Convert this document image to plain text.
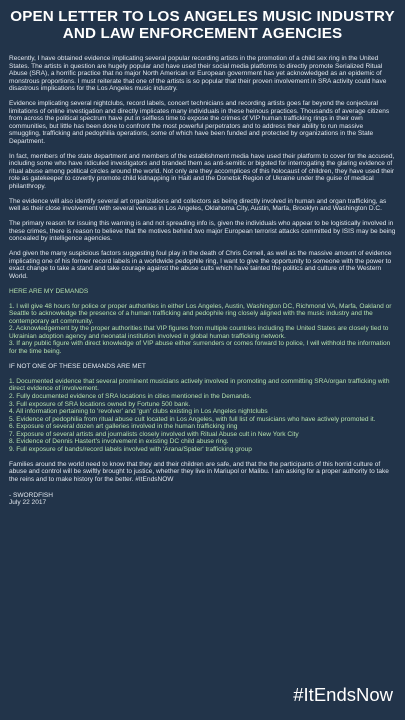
OPEN LETTER TO LOS ANGELES MUSIC INDUSTRY
AND LAW ENFORCEMENT AGENCIES

Recently, I have obtained evidence implicating several popular recording artists in the promotion of a child sex ring in the United States. The artists in question are hugely popular and have used their social media platforms to directly promote Serialized Ritual Abuse (SRA), a horrific practice that no major North American or European government has yet acknowledged as an epidemic of monstrous proportions. I must reiterate that one of the artists is so popular that their proven involvement in SRA activity could have disastrous implications for the Los Angeles music industry.

Evidence implicating several nightclubs, record labels, concert technicians and recording artists goes far beyond the conjectural limitations of online investigation and directly implicates many individuals in these heinous practices. Thousands of average citizens from across the political spectrum have put in selfless time to expose the crimes of VIP human trafficking rings in their own communities, but little has been done to confront the most powerful perpetrators and to address their ability to run massive smuggling, trafficking and pedophilia operations, some of which have been funded and protected by organizations in the State Department.

In fact, members of the state department and members of the establishment media have used their platform to cover for the accused, including some who have ridiculed investigators and branded them as anti-semitic or bigoted for interrogating the glaring evidence of ritual abuse among political circles around the world. Not only are they accomplices of this holocaust of children, they have used their role as gatekeeper to covertly promote child kidnapping in Haiti and the Donetsk Region of Ukraine under the guise of medical philanthropy.

The evidence will also identify several art organizations and collectors as being directly involved in human and organ trafficking, as well as their close involvement with several venues in Los Angeles, Oklahoma City, Austin, Marfa, Brooklyn and Washington D.C.

The primary reason for issuing this warning is and not spreading info is, given the individuals who appear to be logistically involved in these crimes, there is reason to believe that the motives behind two major European terrorist attacks committed by ISIS may be being concealed by intelligence agencies.

And given the many suspicious factors suggesting foul play in the death of Chris Cornell, as well as the massive amount of evidence implicating one of his former record labels in a worldwide pedophile ring, I want to give the opportunity to someone with the power to exact change to take a stand and take courage against the abuse cults which have tainted the politics and culture of the Western World.

HERE ARE MY DEMANDS

1. I will give 48 hours for police or proper authorities in either Los Angeles, Austin, Washington DC, Richmond VA, Marfa, Oakland or Seattle to acknowledge the presence of a human trafficking and pedophile ring closely aligned with the music industry and the contemporary art community.
2. Acknowledgement by the proper authorities that VIP figures from multiple countries including the United States are closely tied to Ukrainian adoption agency and neonatal institution involved in global human trafficking network.
3. If any public figure with direct knowledge of VIP abuse either surrenders or comes forward to police, I will withhold the information for the time being.

IF NOT ONE OF THESE DEMANDS ARE MET

1. Documented evidence that several prominent musicians actively involved in promoting and committing SRA/organ trafficking with direct evidence of involvement.
2. Fully documented evidence of SRA locations in cities mentioned in the Demands.
3. Full exposure of SRA locations owned by Fortune 500 bank.
4. All information pertaining to 'revolver' and 'gun' clubs existing in Los Angeles nightclubs
5. Evidence of pedophilia from ritual abuse cult located in Los Angeles, with full list of musicians who have actively promoted it.
6. Exposure of several dozen art galleries involved in the human trafficking ring
7. Exposure of several artists and journalists closely involved with Ritual Abuse cult in New York City
8. Evidence of Dennis Hastert's involvement in existing DC child abuse ring.
9. Full exposure of bands/record labels involved with 'Arana/Spider' trafficking group

Families around the world need to know that they and their children are safe, and that the the participants of this horrid culture of abuse and control will be swiftly brought to justice, whether they live in Mariupol or Malibu. I am asking for a proper authority to take the reins and to make history for the better. #ItEndsNOW

- SWORDFISH
July 22 2017
#ItEndsNow
